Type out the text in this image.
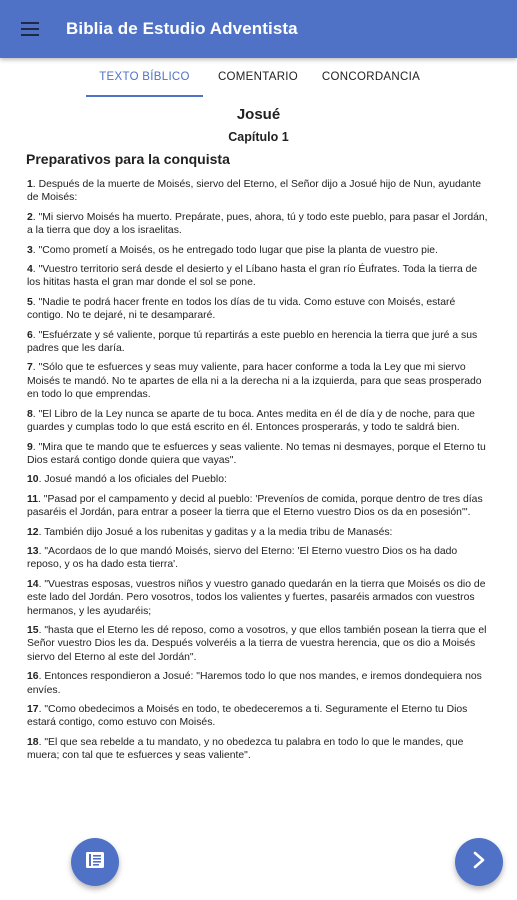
Biblia de Estudio Adventista
TEXTO BÍBLICO	COMENTARIO	CONCORDANCIA
Josué
Capítulo 1
Preparativos para la conquista

1. Después de la muerte de Moisés, siervo del Eterno, el Señor dijo a Josué hijo de Nun, ayudante de Moisés:

2. "Mi siervo Moisés ha muerto. Prepárate, pues, ahora, tú y todo este pueblo, para pasar el Jordán, a la tierra que doy a los israelitas.

3. "Como prometí a Moisés, os he entregado todo lugar que pise la planta de vuestro pie.

4. "Vuestro territorio será desde el desierto y el Líbano hasta el gran río Éufrates. Toda la tierra de los hititas hasta el gran mar donde el sol se pone.

5. "Nadie te podrá hacer frente en todos los días de tu vida. Como estuve con Moisés, estaré contigo. No te dejaré, ni te desampararé.

6. "Esfuérzate y sé valiente, porque tú repartirás a este pueblo en herencia la tierra que juré a sus padres que les daría.

7. "Sólo que te esfuerces y seas muy valiente, para hacer conforme a toda la Ley que mi siervo Moisés te mandó. No te apartes de ella ni a la derecha ni a la izquierda, para que seas prosperado en todo lo que emprendas.

8. "El Libro de la Ley nunca se aparte de tu boca. Antes medita en él de día y de noche, para que guardes y cumplas todo lo que está escrito en él. Entonces prosperarás, y todo te saldrá bien.

9. "Mira que te mando que te esfuerces y seas valiente. No temas ni desmayes, porque el Eterno tu Dios estará contigo donde quiera que vayas".

10. Josué mandó a los oficiales del Pueblo:

11. "Pasad por el campamento y decid al pueblo: 'Preveníos de comida, porque dentro de tres días pasaréis el Jordán, para entrar a poseer la tierra que el Eterno vuestro Dios os da en posesión'".

12. También dijo Josué a los rubenitas y gaditas y a la media tribu de Manasés:

13. "Acordaos de lo que mandó Moisés, siervo del Eterno: 'El Eterno vuestro Dios os ha dado reposo, y os ha dado esta tierra'.

14. "Vuestras esposas, vuestros niños y vuestro ganado quedarán en la tierra que Moisés os dio de este lado del Jordán. Pero vosotros, todos los valientes y fuertes, pasaréis armados con vuestros hermanos, y les ayudaréis;

15. "hasta que el Eterno les dé reposo, como a vosotros, y que ellos también posean la tierra que el Señor vuestro Dios les da. Después volveréis a la tierra de vuestra herencia, que os dio a Moisés siervo del Eterno al este del Jordán".

16. Entonces respondieron a Josué: "Haremos todo lo que nos mandes, e iremos dondequiera nos envíes.

17. "Como obedecimos a Moisés en todo, te obedeceremos a ti. Seguramente el Eterno tu Dios estará contigo, como estuvo con Moisés.

18. "El que sea rebelde a tu mandato, y no obedezca tu palabra en todo lo que le mandes, que muera; con tal que te esfuerces y seas valiente".
